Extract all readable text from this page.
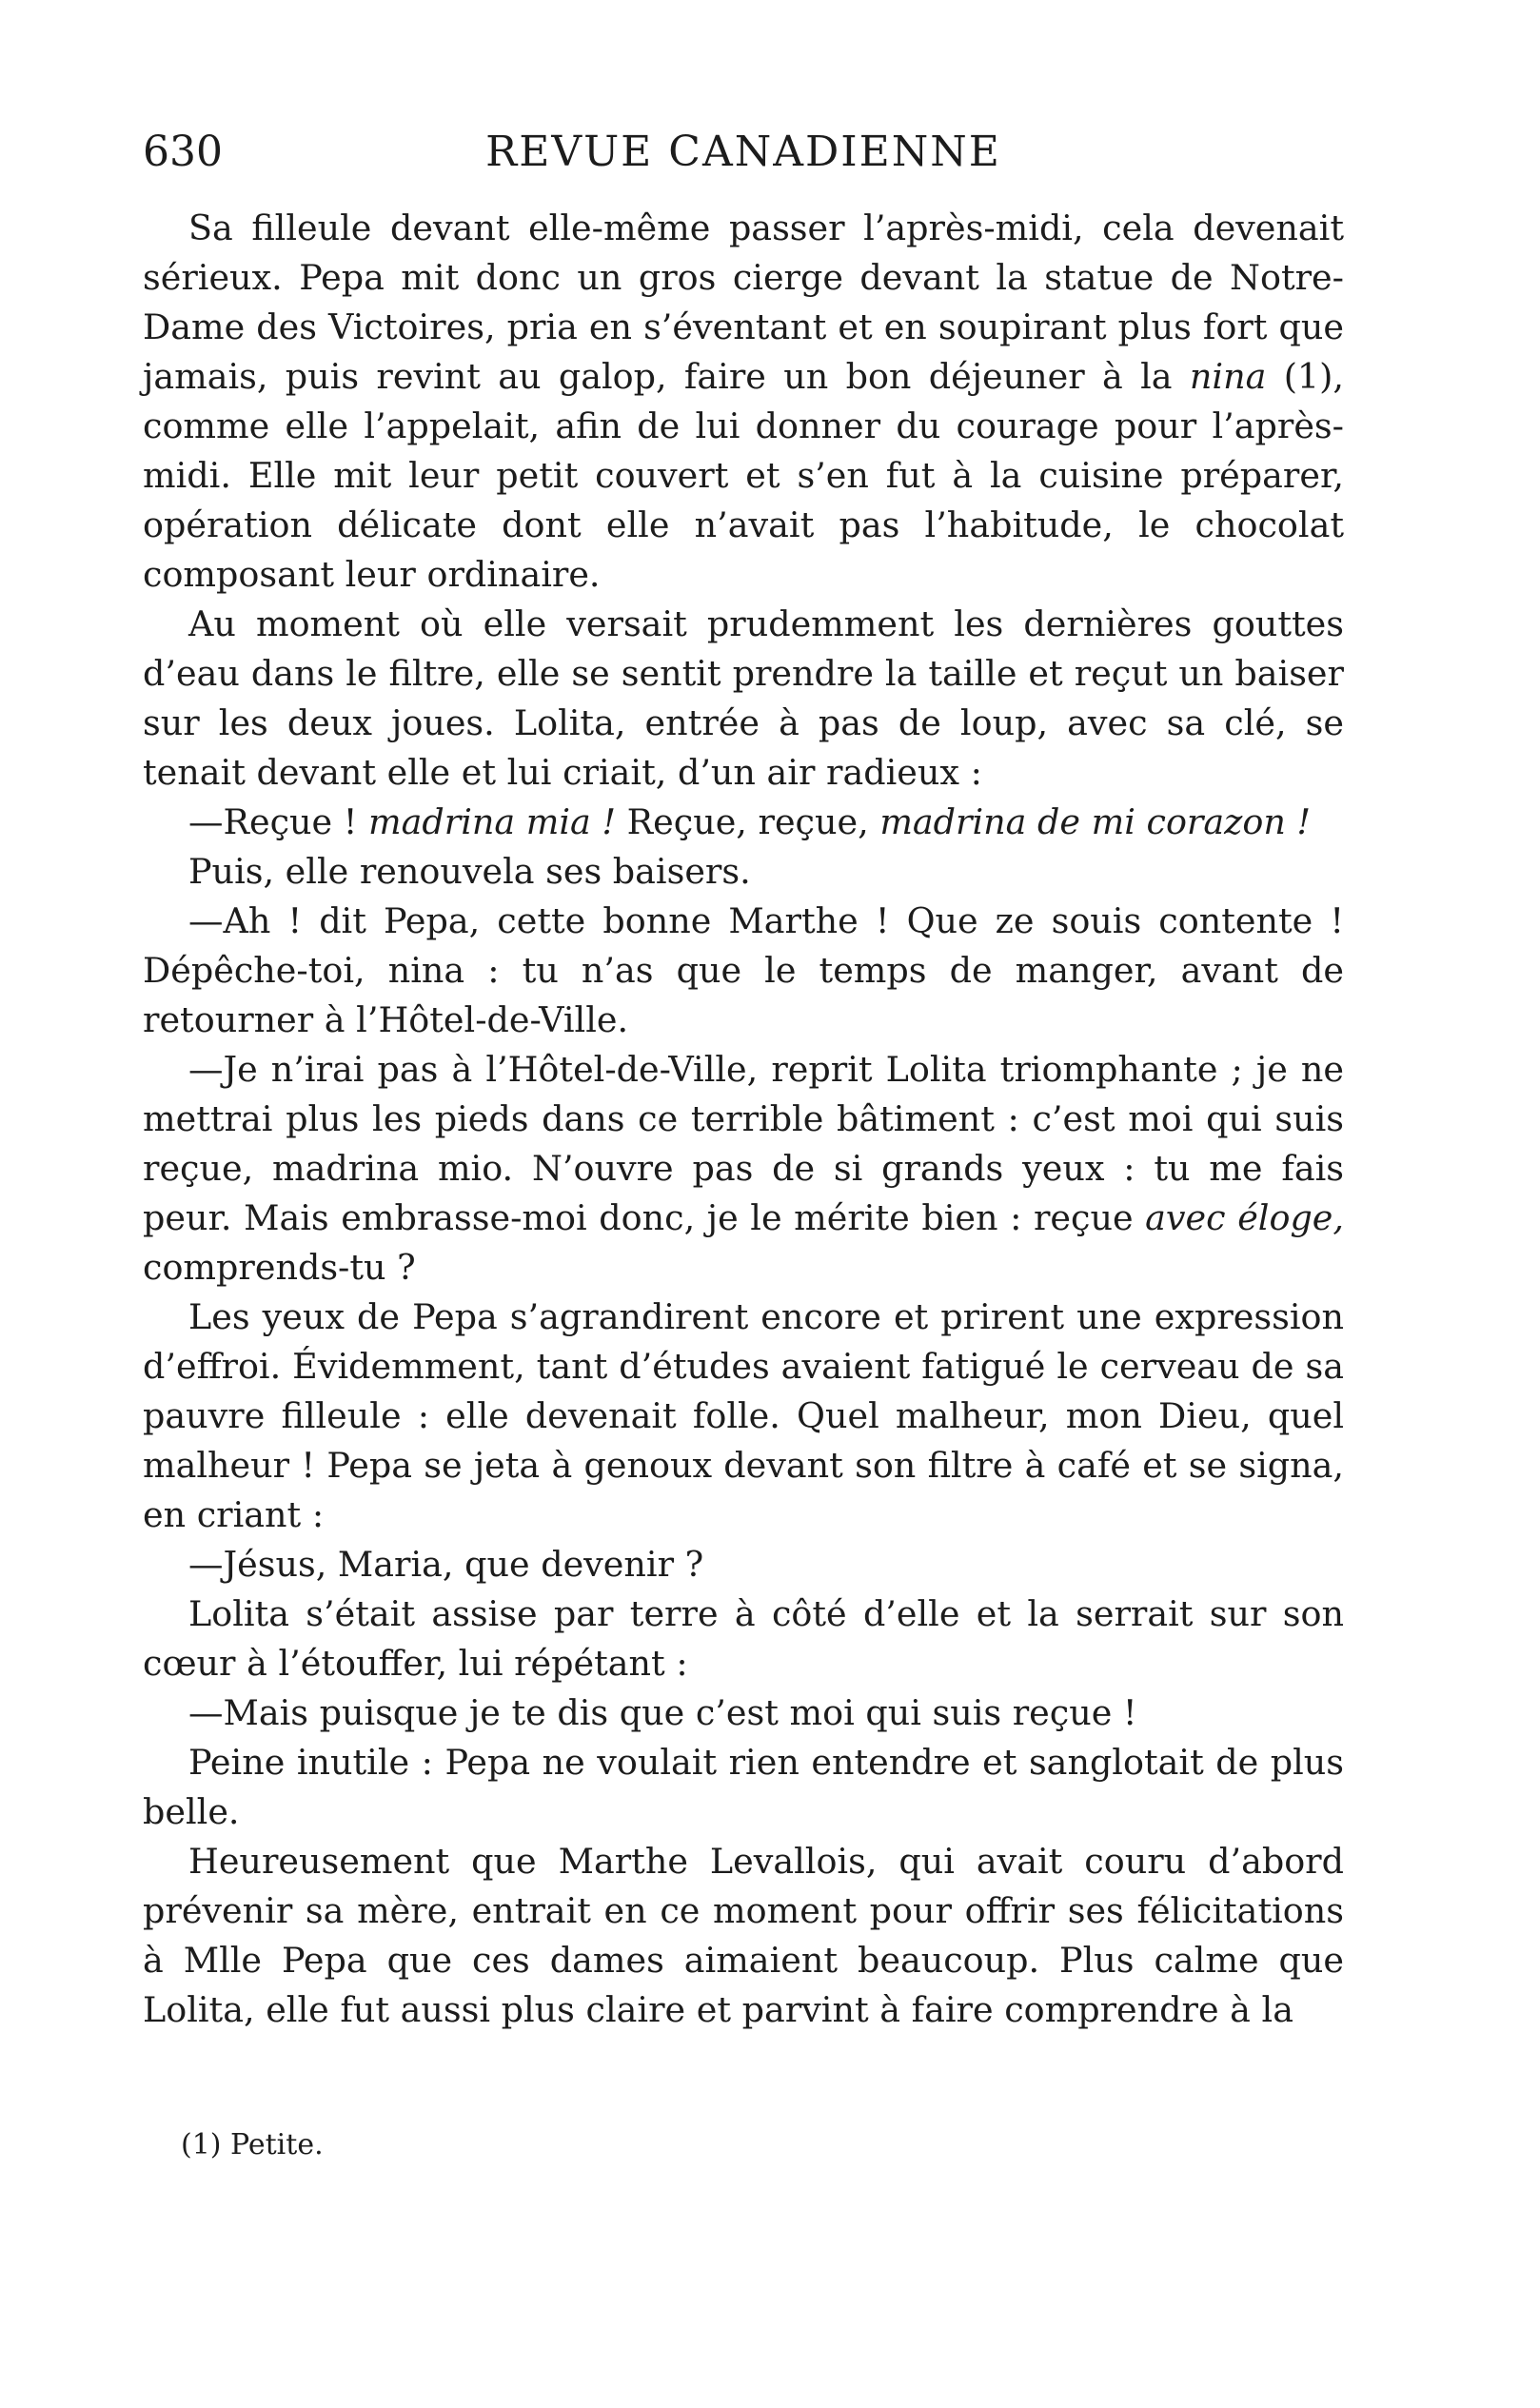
630	REVUE CANADIENNE

Sa filleule devant elle-même passer l’après-midi, cela devenait sérieux. Pepa mit donc un gros cierge devant la statue de Notre-Dame des Victoires, pria en s’éventant et en soupirant plus fort que jamais, puis revint au galop, faire un bon déjeuner à la nina (1), comme elle l’appelait, afin de lui donner du courage pour l’après-midi. Elle mit leur petit couvert et s’en fut à la cuisine préparer, opération délicate dont elle n’avait pas l’habitude, le chocolat composant leur ordinaire.

Au moment où elle versait prudemment les dernières gouttes d’eau dans le filtre, elle se sentit prendre la taille et reçut un baiser sur les deux joues. Lolita, entrée à pas de loup, avec sa clé, se tenait devant elle et lui criait, d’un air radieux :

—Reçue ! madrina mia ! Reçue, reçue, madrina de mi corazon !

Puis, elle renouvela ses baisers.

—Ah ! dit Pepa, cette bonne Marthe ! Que ze souis contente ! Dépêche-toi, nina : tu n’as que le temps de manger, avant de retourner à l’Hôtel-de-Ville.

—Je n’irai pas à l’Hôtel-de-Ville, reprit Lolita triomphante ; je ne mettrai plus les pieds dans ce terrible bâtiment : c’est moi qui suis reçue, madrina mio. N’ouvre pas de si grands yeux : tu me fais peur. Mais embrasse-moi donc, je le mérite bien : reçue avec éloge, comprends-tu ?

Les yeux de Pepa s’agrandirent encore et prirent une expression d’effroi. Évidemment, tant d’études avaient fatigué le cerveau de sa pauvre filleule : elle devenait folle. Quel malheur, mon Dieu, quel malheur ! Pepa se jeta à genoux devant son filtre à café et se signa, en criant :

—Jésus, Maria, que devenir ?

Lolita s’était assise par terre à côté d’elle et la serrait sur son cœur à l’étouffer, lui répétant :

—Mais puisque je te dis que c’est moi qui suis reçue !

Peine inutile : Pepa ne voulait rien entendre et sanglotait de plus belle.

Heureusement que Marthe Levallois, qui avait couru d’abord prévenir sa mère, entrait en ce moment pour offrir ses félicitations à Mlle Pepa que ces dames aimaient beaucoup. Plus calme que Lolita, elle fut aussi plus claire et parvint à faire comprendre à la

(1) Petite.
